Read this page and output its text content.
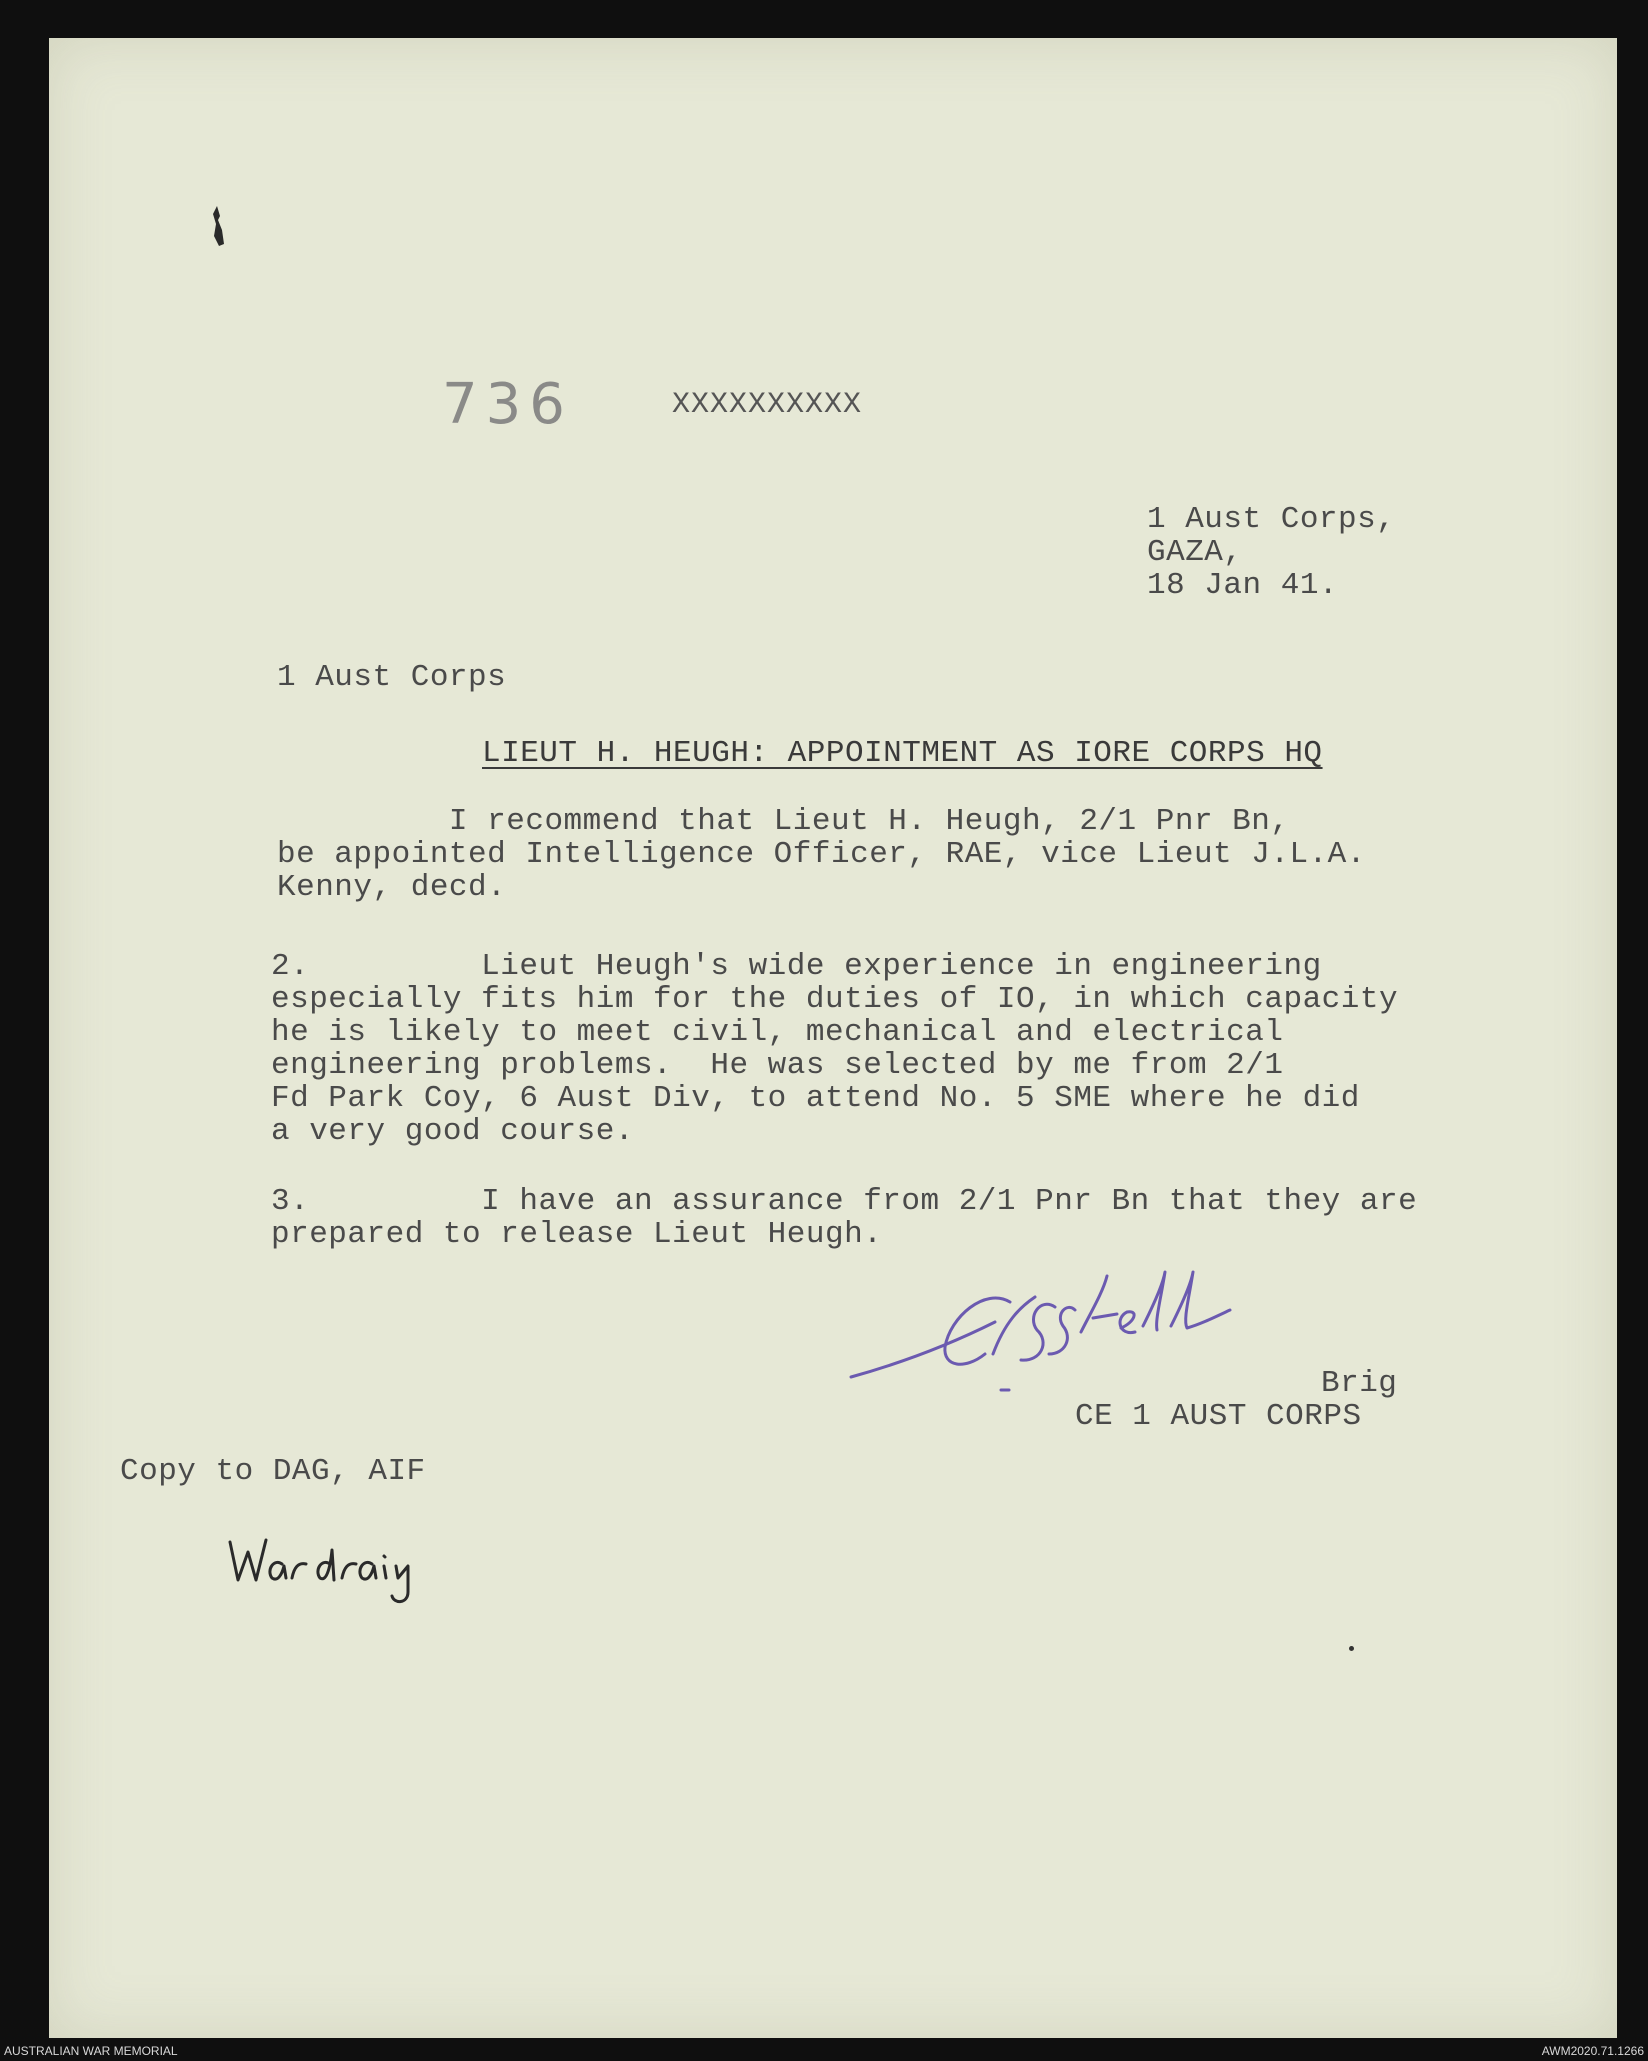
736	XXXXXXXXXX
1 Aust Corps,
GAZA,
18 Jan 41.
1 Aust Corps
LIEUT H. HEUGH: APPOINTMENT AS IORE CORPS HQ
I recommend that Lieut H. Heugh, 2/1 Pnr Bn,
be appointed Intelligence Officer, RAE, vice Lieut J.L.A.
Kenny, decd.
2.         Lieut Heugh's wide experience in engineering
especially fits him for the duties of IO, in which capacity
he is likely to meet civil, mechanical and electrical
engineering problems.  He was selected by me from 2/1
Fd Park Coy, 6 Aust Div, to attend No. 5 SME where he did
a very good course.
3.         I have an assurance from 2/1 Pnr Bn that they are
prepared to release Lieut Heugh.
Brig
CE 1 AUST CORPS
Copy to DAG, AIF
AUSTRALIAN WAR MEMORIAL	AWM2020.71.1266
